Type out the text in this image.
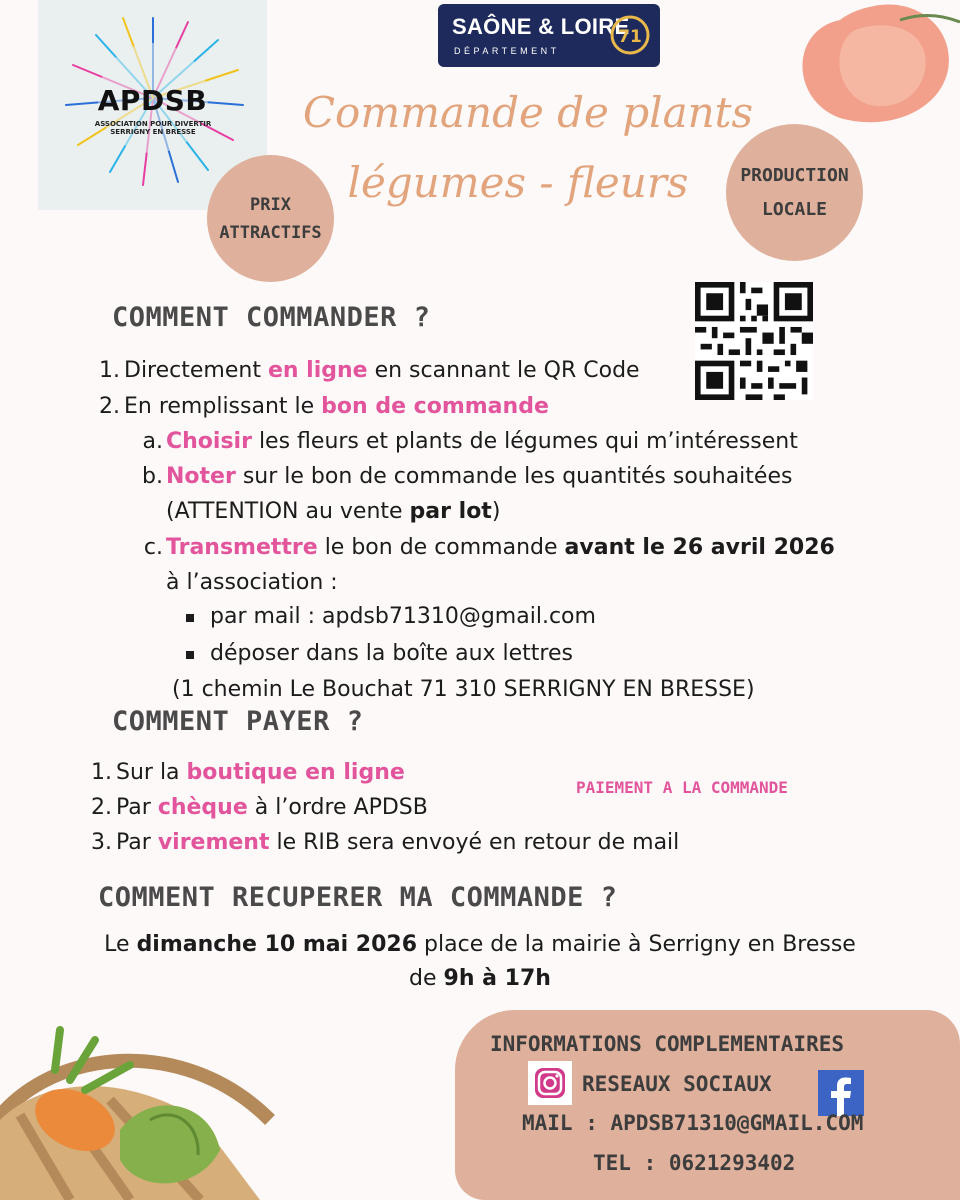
APDSB
ASSOCIATION POUR DIVERTIR SERRIGNY EN BRESSE
SAÔNE & LOIRE
DÉPARTEMENT
71
Commande de plants
légumes - fleurs
PRIX
ATTRACTIFS
PRODUCTION
LOCALE
COMMENT COMMANDER ?
1. Directement en ligne en scannant le QR Code
2. En remplissant le bon de commande
a. Choisir les fleurs et plants de légumes qui m’intéressent
b. Noter sur le bon de commande les quantités souhaitées
(ATTENTION au vente par lot)
c. Transmettre le bon de commande avant le 26 avril 2026
à l’association :
par mail : apdsb71310@gmail.com
déposer dans la boîte aux lettres
(1 chemin Le Bouchat 71 310 SERRIGNY EN BRESSE)
COMMENT PAYER ?
1. Sur la boutique en ligne
2. Par chèque à l’ordre APDSB
3. Par virement le RIB sera envoyé en retour de mail
PAIEMENT A LA COMMANDE
COMMENT RECUPERER MA COMMANDE ?
Le dimanche 10 mai 2026 place de la mairie à Serrigny en Bresse
de 9h à 17h
INFORMATIONS COMPLEMENTAIRES
RESEAUX SOCIAUX
MAIL : APDSB71310@GMAIL.COM
TEL : 0621293402
